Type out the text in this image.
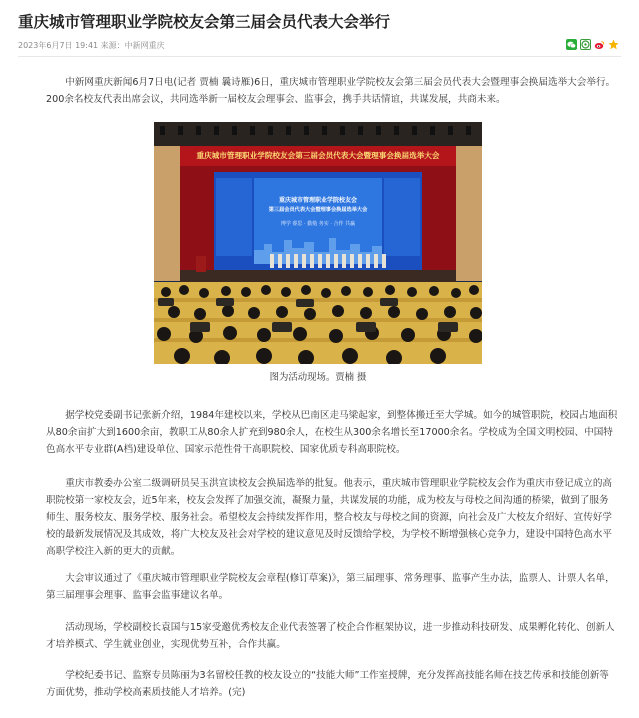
重庆城市管理职业学院校友会第三届会员代表大会举行
2023年6月7日 19:41 来源：中新网重庆

中新网重庆新闻6月7日电(记者 贾楠 曩诗雁)6日，重庆城市管理职业学院校友会第三届会员代表大会暨理事会换届选举大会举行。200余名校友代表出席会议，共同选举新一届校友会理事会、监事会，携手共话情谊，共谋发展，共商未来。

重庆城市管理职业学院校友会第三届会员代表大会暨理事会换届选举大会
重庆城市管理职业学院校友会
第三届会员代表大会暨理事会换届选举大会
博学 睿思 · 勤勉 务实 · 合作 共赢
图为活动现场。贾楠 摄

据学校党委副书记张新介绍，1984年建校以来，学校从巴南区走马梁起家，到整体搬迁至大学城。如今的城管职院，校园占地面积从80余亩扩大到1600余亩，教职工从80余人扩充到980余人，在校生从300余名增长至17000余名。学校成为全国文明校园、中国特色高水平专业群(A档)建设单位、国家示范性骨干高职院校、国家优质专科高职院校。

重庆市教委办公室二级调研员吴玉洪宣读校友会换届选举的批复。他表示，重庆城市管理职业学院校友会作为重庆市登记成立的高职院校第一家校友会，近5年来，校友会发挥了加强交流，凝聚力量，共谋发展的功能，成为校友与母校之间沟通的桥梁，做到了服务师生、服务校友、服务学校、服务社会。希望校友会持续发挥作用，整合校友与母校之间的资源，向社会及广大校友介绍好、宣传好学校的最新发展情况及其成效，将广大校友及社会对学校的建议意见及时反馈给学校，为学校不断增强核心竞争力，建设中国特色高水平高职学校注入新的更大的贡献。

大会审议通过了《重庆城市管理职业学院校友会章程(修订草案)》，第三届理事、常务理事、监事产生办法，监票人、计票人名单，第三届理事会理事、监事会监事建议名单。

活动现场，学校副校长袁国与15家受邀优秀校友企业代表签署了校企合作框架协议，进一步推动科技研发、成果孵化转化、创新人才培养模式、学生就业创业，实现优势互补，合作共赢。

学校纪委书记、监察专员陈丽为3名留校任教的校友设立的“技能大师”工作室授牌，充分发挥高技能名师在技艺传承和技能创新等方面优势，推动学校高素质技能人才培养。(完)
